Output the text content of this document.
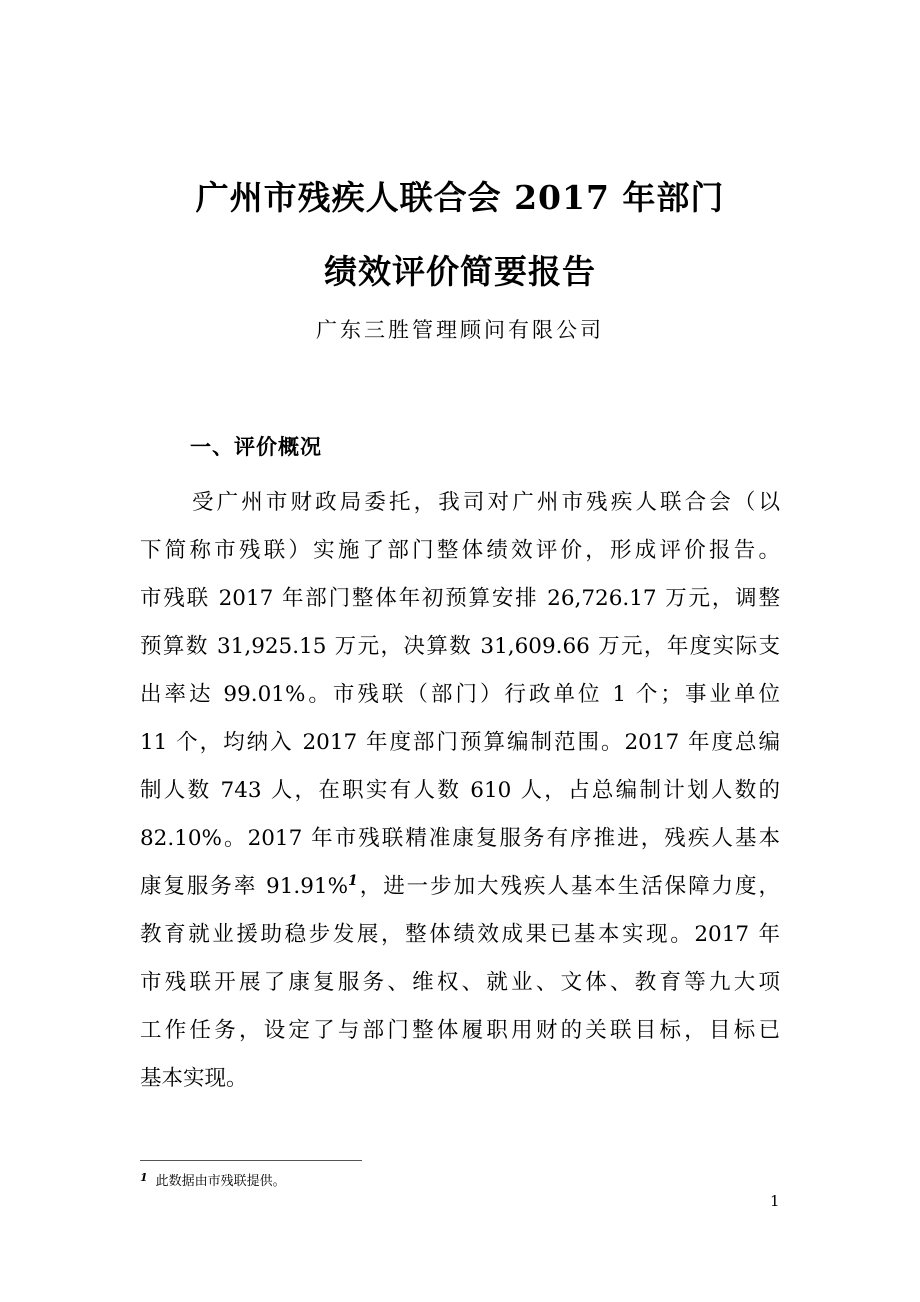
广州市残疾人联合会 2017 年部门
绩效评价简要报告
广东三胜管理顾问有限公司
一、评价概况
受广州市财政局委托，我司对广州市残疾人联合会（以
下简称市残联）实施了部门整体绩效评价，形成评价报告。
市残联 2017 年部门整体年初预算安排 26,726.17 万元，调整
预算数 31,925.15 万元，决算数 31,609.66 万元，年度实际支
出率达 99.01%。市残联（部门）行政单位 1 个；事业单位
11 个，均纳入 2017 年度部门预算编制范围。2017 年度总编
制人数 743 人，在职实有人数 610 人，占总编制计划人数的
82.10%。2017 年市残联精准康复服务有序推进，残疾人基本
康复服务率 91.91%$^1$，进一步加大残疾人基本生活保障力度，
教育就业援助稳步发展，整体绩效成果已基本实现。2017 年
市残联开展了康复服务、维权、就业、文体、教育等九大项
工作任务，设定了与部门整体履职用财的关联目标，目标已
基本实现。
$^1$ 此数据由市残联提供。
1
